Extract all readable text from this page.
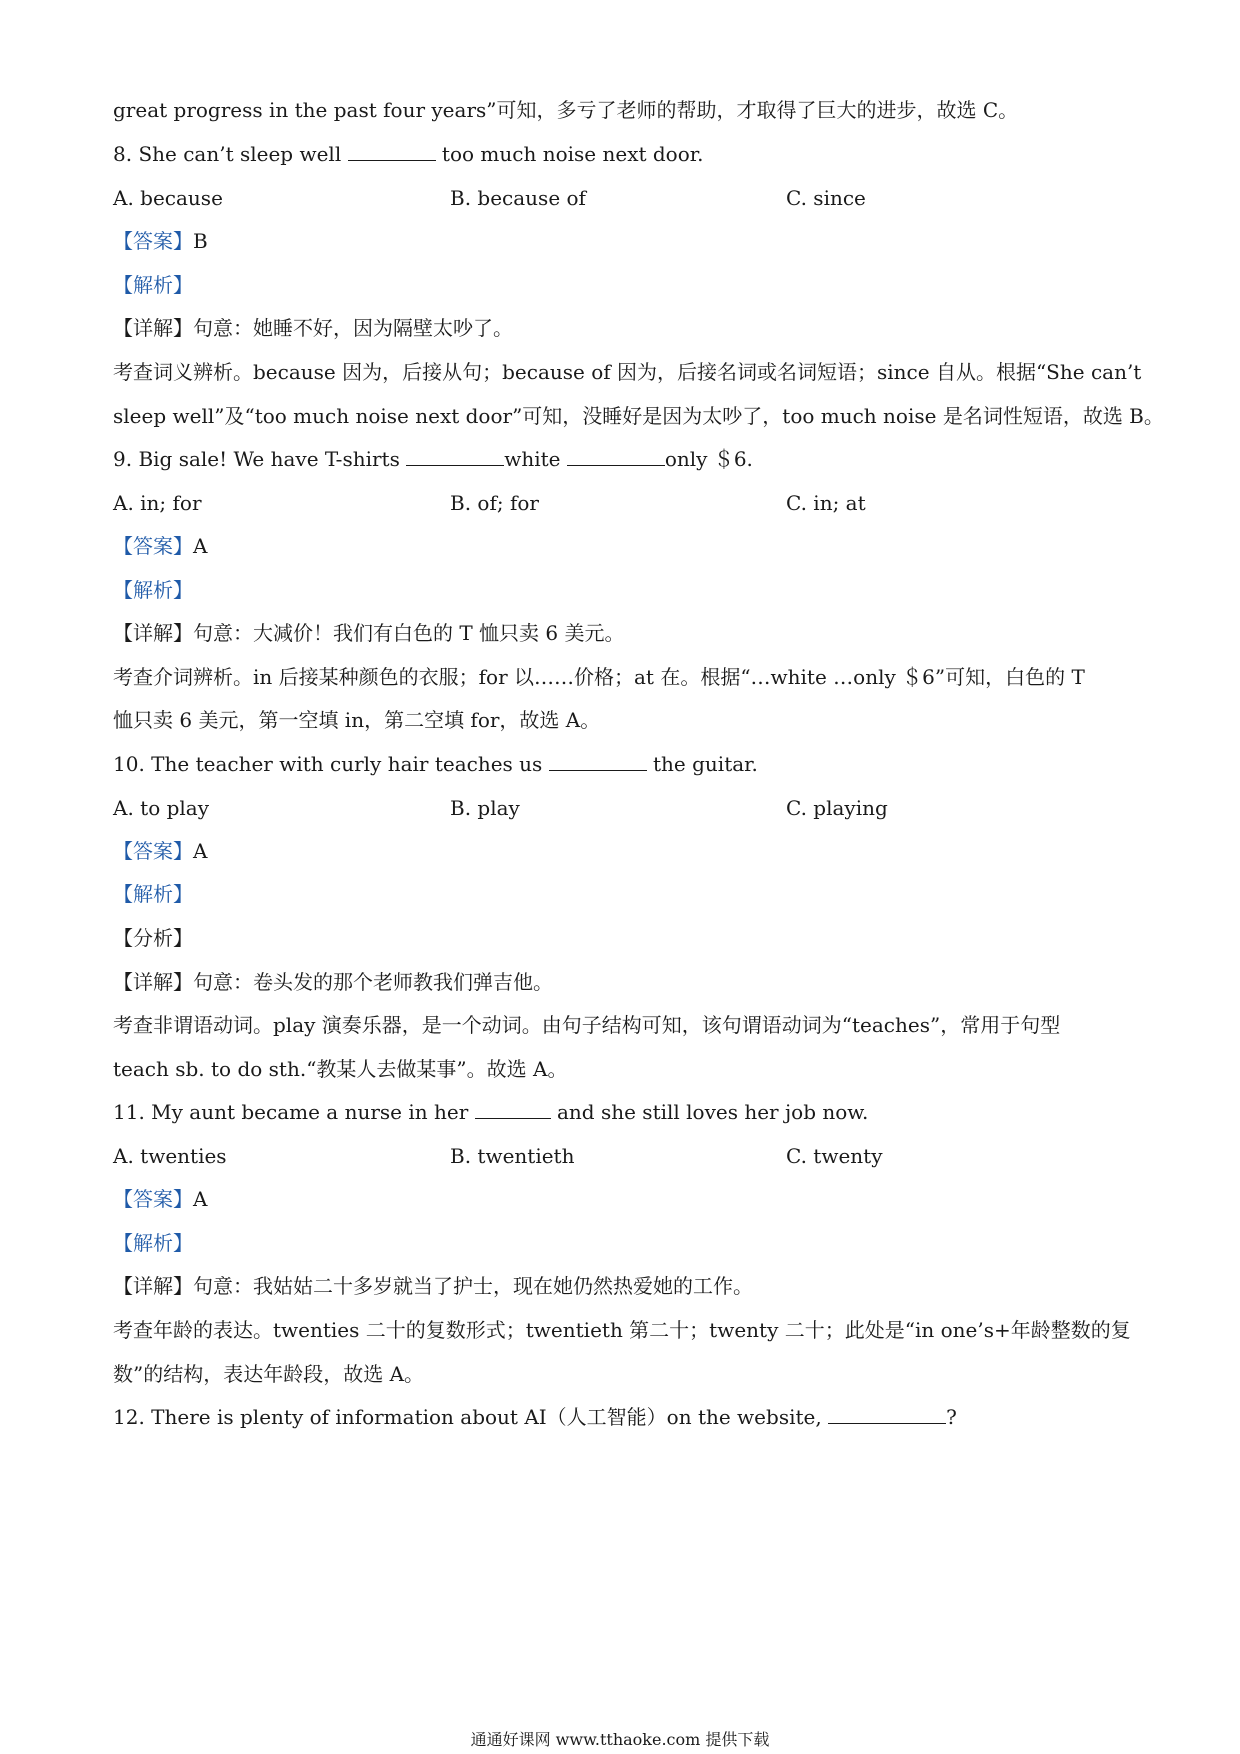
great progress in the past four years”可知，多亏了老师的帮助，才取得了巨大的进步，故选 C。
8. She can’t sleep well	too much noise next door.
A. because	B. because of	C. since
【答案】B
【解析】
【详解】句意：她睡不好，因为隔壁太吵了。
考查词义辨析。because 因为，后接从句；because of 因为，后接名词或名词短语；since 自从。根据“She can’t
sleep well”及“too much noise next door”可知，没睡好是因为太吵了，too much noise 是名词性短语，故选 B。
9. Big sale! We have T-shirts	white	only ＄6.
A. in; for	B. of; for	C. in; at
【答案】A
【解析】
【详解】句意：大减价！我们有白色的 T 恤只卖 6 美元。
考查介词辨析。in 后接某种颜色的衣服；for 以……价格；at 在。根据“…white …only ＄6”可知，白色的 T
恤只卖 6 美元，第一空填 in，第二空填 for，故选 A。
10. The teacher with curly hair teaches us	the guitar.
A. to play	B. play	C. playing
【答案】A
【解析】
【分析】
【详解】句意：卷头发的那个老师教我们弹吉他。
考查非谓语动词。play 演奏乐器，是一个动词。由句子结构可知，该句谓语动词为“teaches”，常用于句型
teach sb. to do sth.“教某人去做某事”。故选 A。
11. My aunt became a nurse in her	and she still loves her job now.
A. twenties	B. twentieth	C. twenty
【答案】A
【解析】
【详解】句意：我姑姑二十多岁就当了护士，现在她仍然热爱她的工作。
考查年龄的表达。twenties 二十的复数形式；twentieth 第二十；twenty 二十；此处是“in one’s+年龄整数的复
数”的结构，表达年龄段，故选 A。
12. There is plenty of information about AI（人工智能）on the website,	?
通通好课网 www.tthaoke.com 提供下载
